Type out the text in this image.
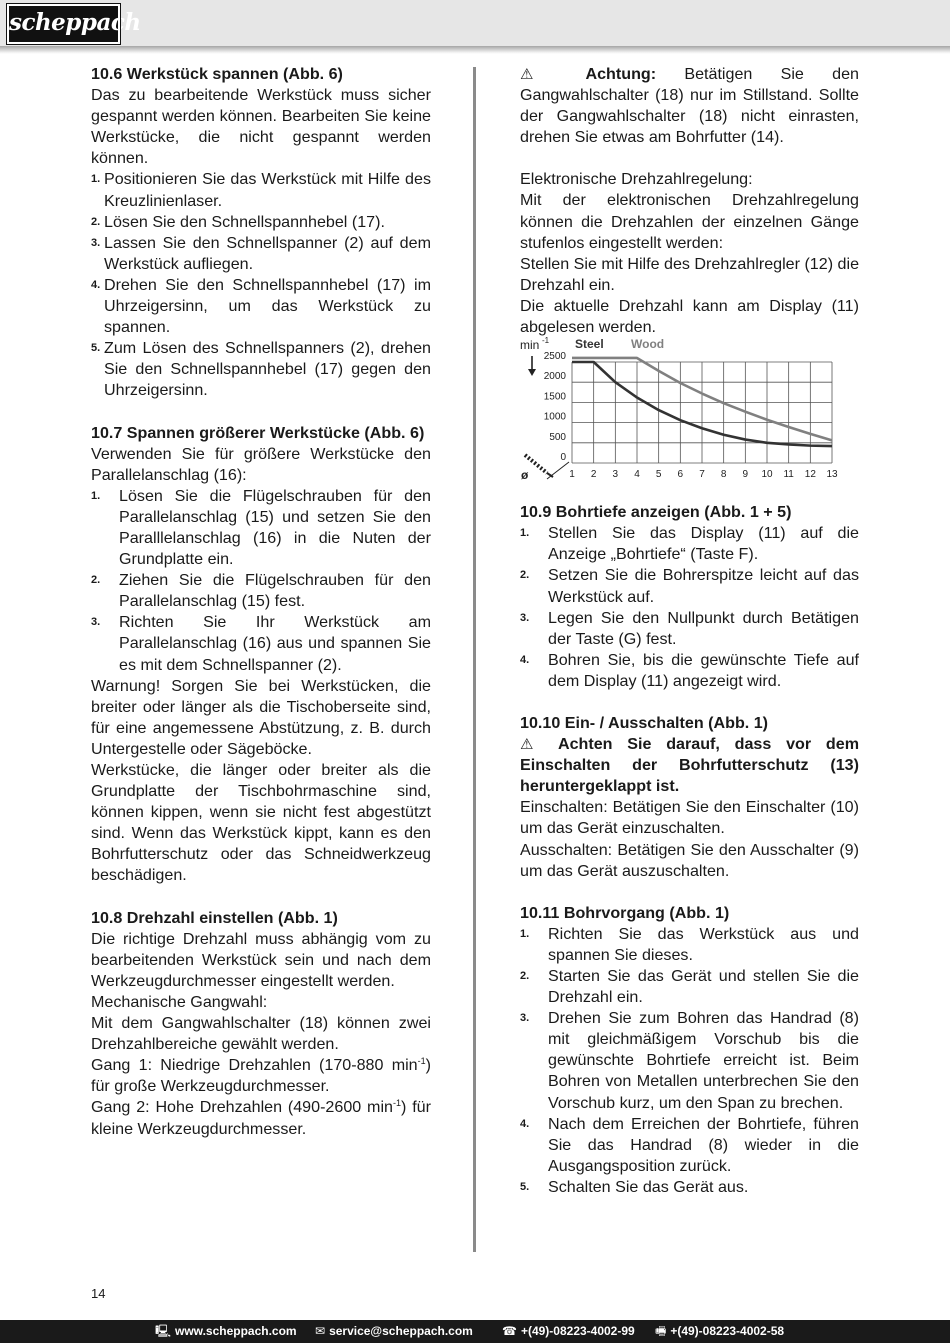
scheppach
10.6 Werkstück spannen (Abb. 6)

Das zu bearbeitende Werkstück muss sicher gespannt werden können. Bearbeiten Sie keine Werkstücke, die nicht gespannt werden können.

1. Positionieren Sie das Werkstück mit Hilfe des Kreuzlinienlaser.
2. Lösen Sie den Schnellspannhebel (17).
3. Lassen Sie den Schnellspanner (2) auf dem Werkstück aufliegen.
4. Drehen Sie den Schnellspannhebel (17) im Uhrzeigersinn, um das Werkstück zu spannen.
5. Zum Lösen des Schnellspanners (2), drehen Sie den Schnellspannhebel (17) gegen den Uhrzeigersinn.
10.7 Spannen größerer Werkstücke (Abb. 6)

Verwenden Sie für größere Werkstücke den Parallelanschlag (16):

1. Lösen Sie die Flügelschrauben für den Parallelanschlag (15) und setzen Sie den Paralllelanschlag (16) in die Nuten der Grundplatte ein.
2. Ziehen Sie die Flügelschrauben für den Parallelanschlag (15) fest.
3. Richten Sie Ihr Werkstück am Parallelanschlag (16) aus und spannen Sie es mit dem Schnellspanner (2).

Warnung! Sorgen Sie bei Werkstücken, die breiter oder länger als die Tischoberseite sind, für eine angemessene Abstützung, z. B. durch Untergestelle oder Sägeböcke.

Werkstücke, die länger oder breiter als die Grundplatte der Tischbohrmaschine sind, können kippen, wenn sie nicht fest abgestützt sind. Wenn das Werkstück kippt, kann es den Bohrfutterschutz oder das Schneidwerkzeug beschädigen.

10.8 Drehzahl einstellen (Abb. 1)

Die richtige Drehzahl muss abhängig vom zu bearbeitenden Werkstück sein und nach dem Werkzeugdurchmesser eingestellt werden.

Mechanische Gangwahl:

Mit dem Gangwahlschalter (18) können zwei Drehzahlbereiche gewählt werden.

Gang 1: Niedrige Drehzahlen (170-880 $\min^{-1}$) für große Werkzeugdurchmesser.

Gang 2: Hohe Drehzahlen (490-2600 $\min^{-1}$) für kleine Werkzeugdurchmesser.

⚠ Achtung: Betätigen Sie den Gangwahlschalter (18) nur im Stillstand. Sollte der Gangwahlschalter (18) nicht einrasten, drehen Sie etwas am Bohrfutter (14).

Elektronische Drehzahlregelung:

Mit der elektronischen Drehzahlregelung können die Drehzahlen der einzelnen Gänge stufenlos eingestellt werden:

Stellen Sie mit Hilfe des Drehzahlregler (12) die Drehzahl ein.

Die aktuelle Drehzahl kann am Display (11) abgelesen werden.

1 2 3 4 5 6 7 8 9 10 11 12 13
0
500
1000
1500
2000
2500
min -1
ø
Steel Wood
10.9 Bohrtiefe anzeigen (Abb. 1 + 5)
1. Stellen Sie das Display (11) auf die Anzeige „Bohrtiefe“ (Taste F).
2. Setzen Sie die Bohrerspitze leicht auf das Werkstück auf.
3. Legen Sie den Nullpunkt durch Betätigen der Taste (G) fest.
4. Bohren Sie, bis die gewünschte Tiefe auf dem Display (11) angezeigt wird.
10.10 Ein- / Ausschalten (Abb. 1)

⚠ Achten Sie darauf, dass vor dem Einschalten der Bohrfutterschutz (13) heruntergeklappt ist.

Einschalten: Betätigen Sie den Einschalter (10) um das Gerät einzuschalten.

Ausschalten: Betätigen Sie den Ausschalter (9) um das Gerät auszuschalten.

10.11 Bohrvorgang (Abb. 1)
1. Richten Sie das Werkstück aus und spannen Sie dieses.
2. Starten Sie das Gerät und stellen Sie die Drehzahl ein.
3. Drehen Sie zum Bohren das Handrad (8) mit gleichmäßigem Vorschub bis die gewünschte Bohrtiefe erreicht ist. Beim Bohren von Metallen unterbrechen Sie den Vorschub kurz, um den Span zu brechen.
4. Nach dem Erreichen der Bohrtiefe, führen Sie das Handrad (8) wieder in die Ausgangsposition zurück.
5. Schalten Sie das Gerät aus.
14
🖳 www.scheppach.com ✉ service@scheppach.com ☎ +(49)-08223-4002-99 🖷 +(49)-08223-4002-58
